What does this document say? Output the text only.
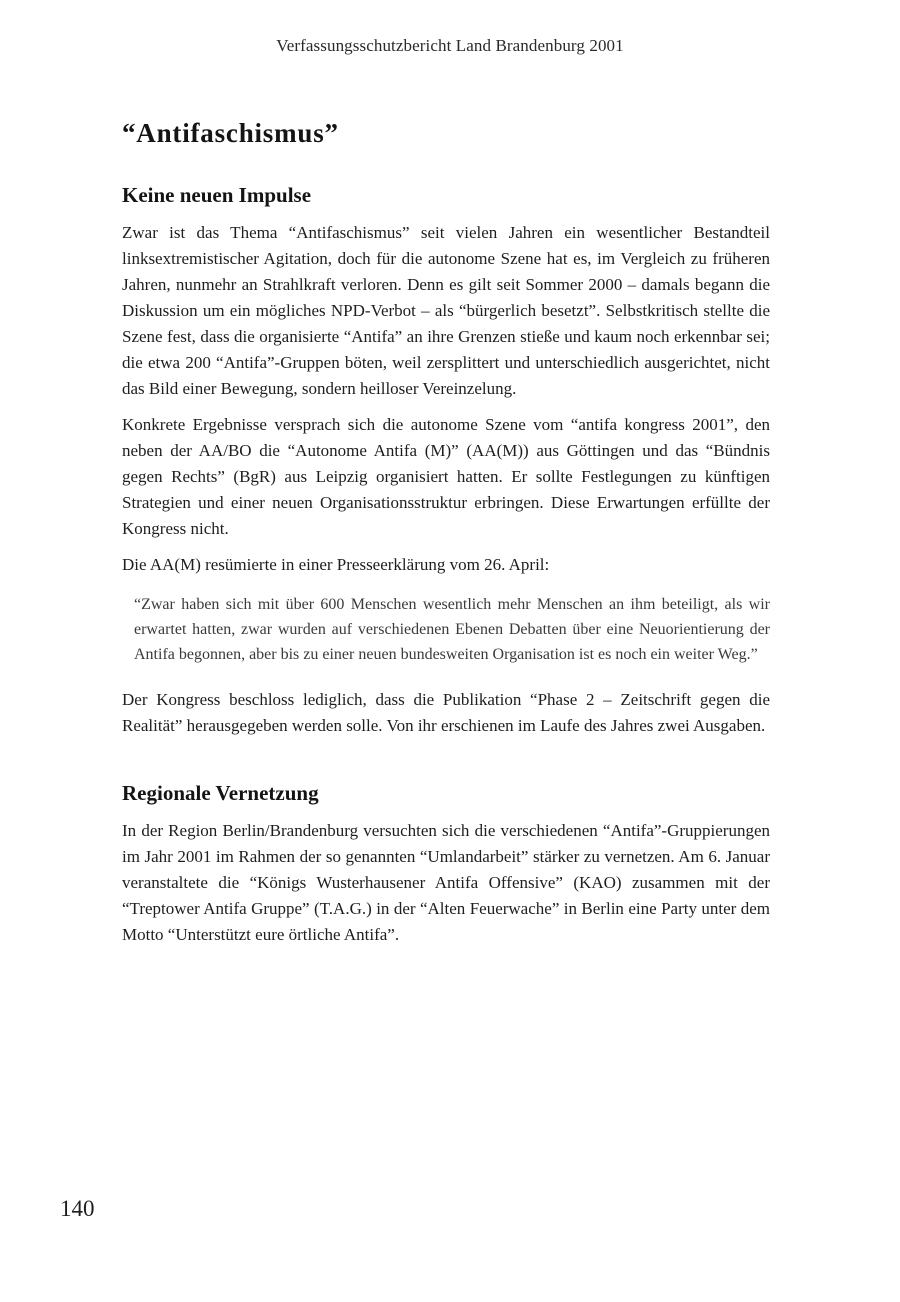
Verfassungsschutzbericht Land Brandenburg 2001
“Antifaschismus”
Keine neuen Impulse

Zwar ist das Thema “Antifaschismus” seit vielen Jahren ein wesentlicher Bestandteil linksextremistischer Agitation, doch für die autonome Szene hat es, im Vergleich zu früheren Jahren, nunmehr an Strahlkraft verloren. Denn es gilt seit Sommer 2000 – damals begann die Diskussion um ein mögliches NPD-Verbot – als “bürgerlich besetzt”. Selbstkritisch stellte die Szene fest, dass die organisierte “Antifa” an ihre Grenzen stieße und kaum noch erkennbar sei; die etwa 200 “Antifa”-Gruppen böten, weil zersplittert und unterschiedlich ausgerichtet, nicht das Bild einer Bewegung, sondern heilloser Vereinzelung.

Konkrete Ergebnisse versprach sich die autonome Szene vom “antifa kongress 2001”, den neben der AA/BO die “Autonome Antifa (M)” (AA(M)) aus Göttingen und das “Bündnis gegen Rechts” (BgR) aus Leipzig organisiert hatten. Er sollte Festlegungen zu künftigen Strategien und einer neuen Organisationsstruktur erbringen. Diese Erwartungen erfüllte der Kongress nicht.

Die AA(M) resümierte in einer Presseerklärung vom 26. April:

“Zwar haben sich mit über 600 Menschen wesentlich mehr Menschen an ihm beteiligt, als wir erwartet hatten, zwar wurden auf verschiedenen Ebenen Debatten über eine Neuorientierung der Antifa begonnen, aber bis zu einer neuen bundesweiten Organisation ist es noch ein weiter Weg.”

Der Kongress beschloss lediglich, dass die Publikation “Phase 2 – Zeitschrift gegen die Realität” herausgegeben werden solle. Von ihr erschienen im Laufe des Jahres zwei Ausgaben.

Regionale Vernetzung

In der Region Berlin/Brandenburg versuchten sich die verschiedenen “Antifa”-Gruppierungen im Jahr 2001 im Rahmen der so genannten “Umlandarbeit” stärker zu vernetzen. Am 6. Januar veranstaltete die “Königs Wusterhausener Antifa Offensive” (KAO) zusammen mit der “Treptower Antifa Gruppe” (T.A.G.) in der “Alten Feuerwache” in Berlin eine Party unter dem Motto “Unterstützt eure örtliche Antifa”.

140
